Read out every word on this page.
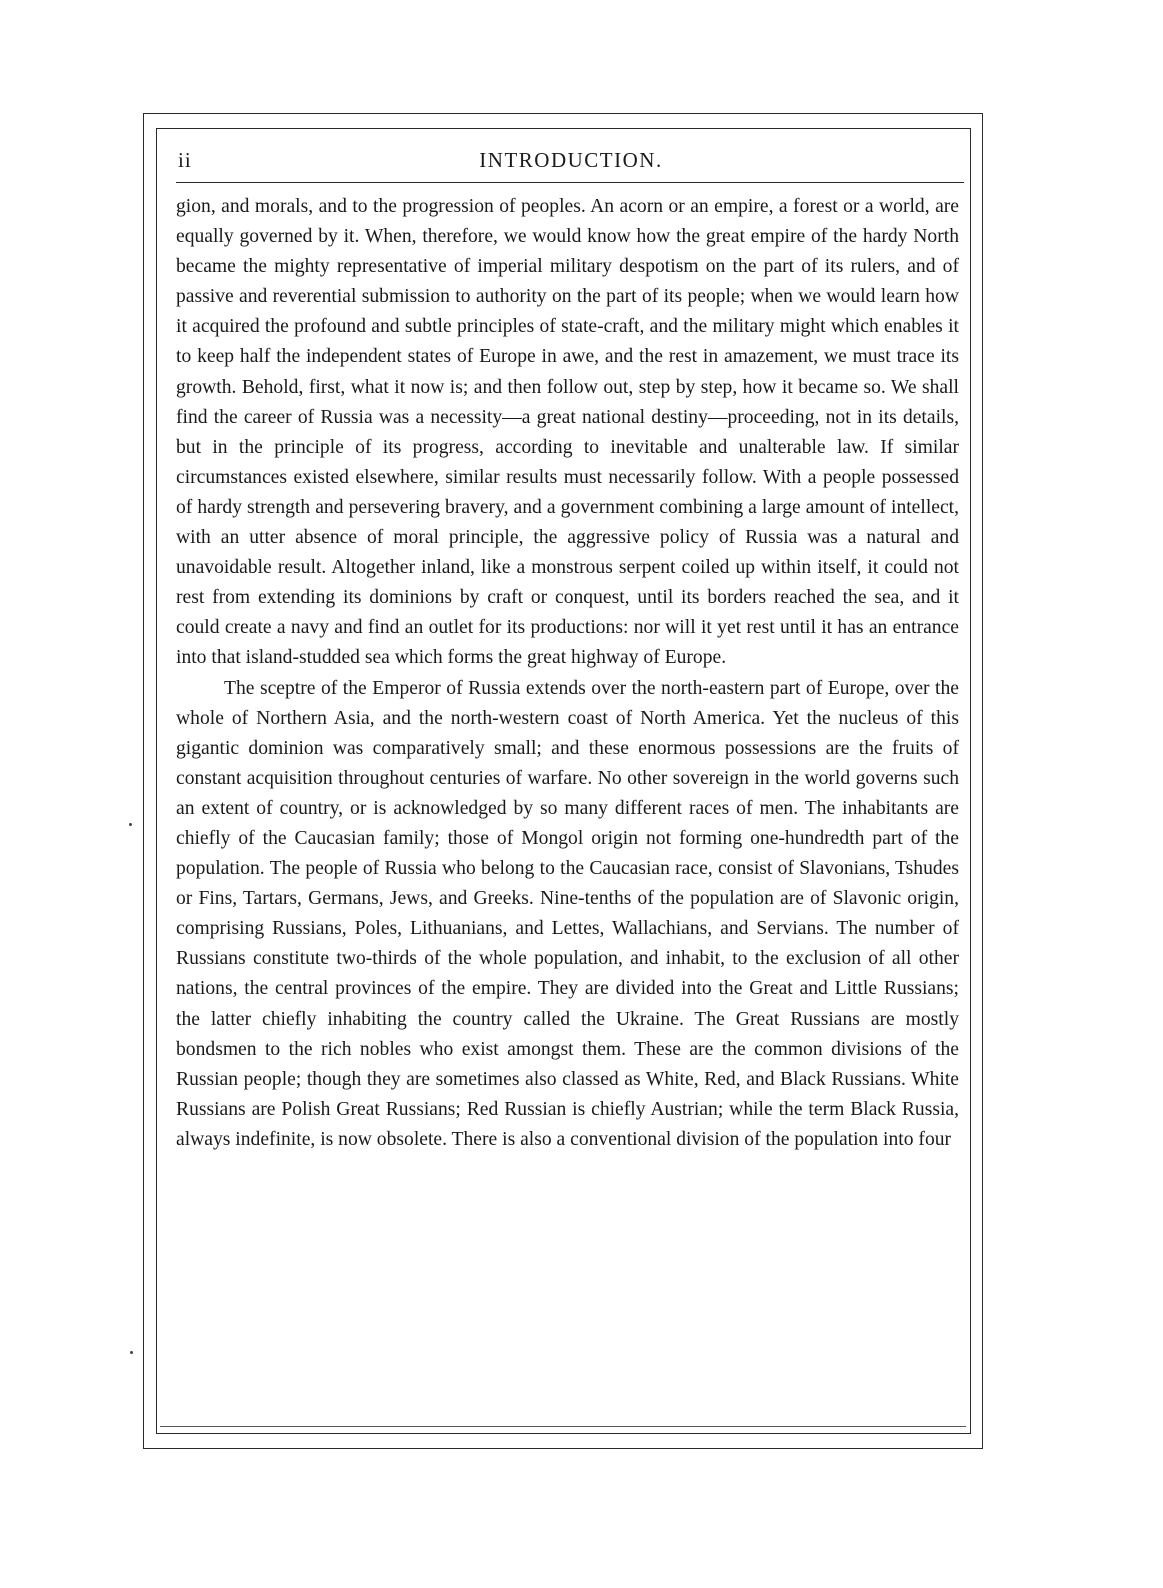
ii	INTRODUCTION.

gion, and morals, and to the progression of peoples. An acorn or an empire, a forest or a world, are equally governed by it. When, therefore, we would know how the great empire of the hardy North became the mighty representative of imperial military despotism on the part of its rulers, and of passive and reverential submission to authority on the part of its people; when we would learn how it acquired the profound and subtle principles of state-craft, and the military might which enables it to keep half the independent states of Europe in awe, and the rest in amazement, we must trace its growth. Behold, first, what it now is; and then follow out, step by step, how it became so. We shall find the career of Russia was a necessity—a great national destiny—proceeding, not in its details, but in the principle of its progress, according to inevitable and unalterable law. If similar circumstances existed elsewhere, similar results must necessarily follow. With a people possessed of hardy strength and persevering bravery, and a government combining a large amount of intellect, with an utter absence of moral principle, the aggressive policy of Russia was a natural and unavoidable result. Altogether inland, like a monstrous serpent coiled up within itself, it could not rest from extending its dominions by craft or conquest, until its borders reached the sea, and it could create a navy and find an outlet for its productions: nor will it yet rest until it has an entrance into that island-studded sea which forms the great highway of Europe.

The sceptre of the Emperor of Russia extends over the north-eastern part of Europe, over the whole of Northern Asia, and the north-western coast of North America. Yet the nucleus of this gigantic dominion was comparatively small; and these enormous possessions are the fruits of constant acquisition throughout centuries of warfare. No other sovereign in the world governs such an extent of country, or is acknowledged by so many different races of men. The inhabitants are chiefly of the Caucasian family; those of Mongol origin not forming one-hundredth part of the population. The people of Russia who belong to the Caucasian race, consist of Slavonians, Tshudes or Fins, Tartars, Germans, Jews, and Greeks. Nine-tenths of the population are of Slavonic origin, comprising Russians, Poles, Lithuanians, and Lettes, Wallachians, and Servians. The number of Russians constitute two-thirds of the whole population, and inhabit, to the exclusion of all other nations, the central provinces of the empire. They are divided into the Great and Little Russians; the latter chiefly inhabiting the country called the Ukraine. The Great Russians are mostly bondsmen to the rich nobles who exist amongst them. These are the common divisions of the Russian people; though they are sometimes also classed as White, Red, and Black Russians. White Russians are Polish Great Russians; Red Russian is chiefly Austrian; while the term Black Russia, always indefinite, is now obsolete. There is also a conventional division of the population into four
